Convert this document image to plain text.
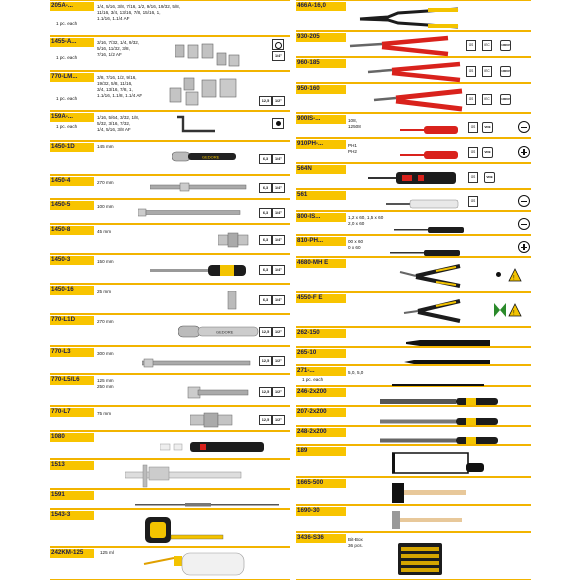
205A-...
1 pc. each
1/4, 5/16, 3/8, 7/16, 1/2, 9/16, 19/32, 5/8,
11/16, 3/4, 13/16, 7/8, 15/16, 1,
1.1/16, 1.1/4 AF
1455-A...
1 pc. each
3/16, 7/32, 1/4, 9/32,
5/16, 11/32, 3/8,
7/16, 1/2 AF	1/4"
770-LM...
1 pc. each
3/8, 7/16, 1/2, 9/16,
19/32, 5/8, 11/16,
3/4, 13/16, 7/8, 1,
1.1/16, 1.1/8, 1.1/4 AF
12,5	1/2"
159A-...
1 pc. each
1/16, 5/64, 3/32, 1/8,
5/32, 3/16, 7/32,
1/4, 5/16, 3/8 AF
1450-1D	145 mm
GEDORE	6,3	1/4"
1450-4	270 mm
6,3	1/4"
1450-5	100 mm
6,3	1/4"
1450-8	45 mm
6,3	1/4"
1450-3	150 mm
6,3	1/4"
1450-16	25 mm
6,3	1/4"
770-L1D	270 mm
GEDORE	12,5	1/2"
770-L3	300 mm
12,5	1/2"
770-L5/L6	125 mm
250 mm
12,5	1/2"
770-L7	75 mm
12,5	1/2"
1080
1513
1591
1543-3
242KM-125	125 ml
466A-16,0
930-205
GS	IEC	1000V
960-185
GS	IEC	1000V
950-160
GS	IEC	1000V
900IS-...	108,
12508	GS	VDE
910PH-...	PH1
PH2	GS	VDE
564N
GS	VDE
561
GS
800-IS...	1,2 x 60, 1,5 x 60
2,0 x 60
810-PH...	00 x 60
0 x 60
4680-MH E
!
4550-F E
!
262-150
265-10
271-...
1 pc. each
5,0, 5,0
246-2x200
207-2x200
248-2x200
189
1665-500
1690-30
3436-S36	Bit-Box
36 pcs.
